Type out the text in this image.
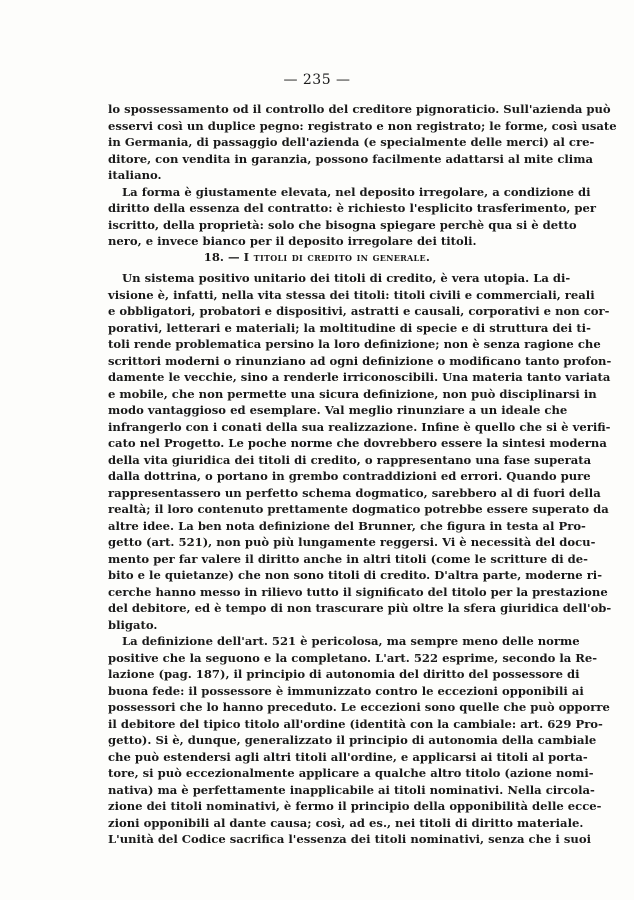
— 235 —
lo spossessamento od il controllo del creditore pignoraticio. Sull'azienda può
esservi così un duplice pegno: registrato e non registrato; le forme, così usate
in Germania, di passaggio dell'azienda (e specialmente delle merci) al cre-
ditore, con vendita in garanzia, possono facilmente adattarsi al mite clima
italiano.
La forma è giustamente elevata, nel deposito irregolare, a condizione di
diritto della essenza del contratto: è richiesto l'esplicito trasferimento, per
iscritto, della proprietà: solo che bisogna spiegare perchè qua si è detto
nero, e invece bianco per il deposito irregolare dei titoli.
18. — I titoli di credito in generale.
Un sistema positivo unitario dei titoli di credito, è vera utopia. La di-
visione è, infatti, nella vita stessa dei titoli: titoli civili e commerciali, reali
e obbligatori, probatori e dispositivi, astratti e causali, corporativi e non cor-
porativi, letterari e materiali; la moltitudine di specie e di struttura dei ti-
toli rende problematica persino la loro definizione; non è senza ragione che
scrittori moderni o rinunziano ad ogni definizione o modificano tanto profon-
damente le vecchie, sino a renderle irriconoscibili. Una materia tanto variata
e mobile, che non permette una sicura definizione, non può disciplinarsi in
modo vantaggioso ed esemplare. Val meglio rinunziare a un ideale che
infrangerlo con i conati della sua realizzazione. Infine è quello che si è verifi-
cato nel Progetto. Le poche norme che dovrebbero essere la sintesi moderna
della vita giuridica dei titoli di credito, o rappresentano una fase superata
dalla dottrina, o portano in grembo contraddizioni ed errori. Quando pure
rappresentassero un perfetto schema dogmatico, sarebbero al di fuori della
realtà; il loro contenuto prettamente dogmatico potrebbe essere superato da
altre idee. La ben nota definizione del Brunner, che figura in testa al Pro-
getto (art. 521), non può più lungamente reggersi. Vi è necessità del docu-
mento per far valere il diritto anche in altri titoli (come le scritture di de-
bito e le quietanze) che non sono titoli di credito. D'altra parte, moderne ri-
cerche hanno messo in rilievo tutto il significato del titolo per la prestazione
del debitore, ed è tempo di non trascurare più oltre la sfera giuridica dell'ob-
bligato.
La definizione dell'art. 521 è pericolosa, ma sempre meno delle norme
positive che la seguono e la completano. L'art. 522 esprime, secondo la Re-
lazione (pag. 187), il principio di autonomia del diritto del possessore di
buona fede: il possessore è immunizzato contro le eccezioni opponibili ai
possessori che lo hanno preceduto. Le eccezioni sono quelle che può opporre
il debitore del tipico titolo all'ordine (identità con la cambiale: art. 629 Pro-
getto). Si è, dunque, generalizzato il principio di autonomia della cambiale
che può estendersi agli altri titoli all'ordine, e applicarsi ai titoli al porta-
tore, si può eccezionalmente applicare a qualche altro titolo (azione nomi-
nativa) ma è perfettamente inapplicabile ai titoli nominativi. Nella circola-
zione dei titoli nominativi, è fermo il principio della opponibilità delle ecce-
zioni opponibili al dante causa; così, ad es., nei titoli di diritto materiale.
L'unità del Codice sacrifica l'essenza dei titoli nominativi, senza che i suoi
